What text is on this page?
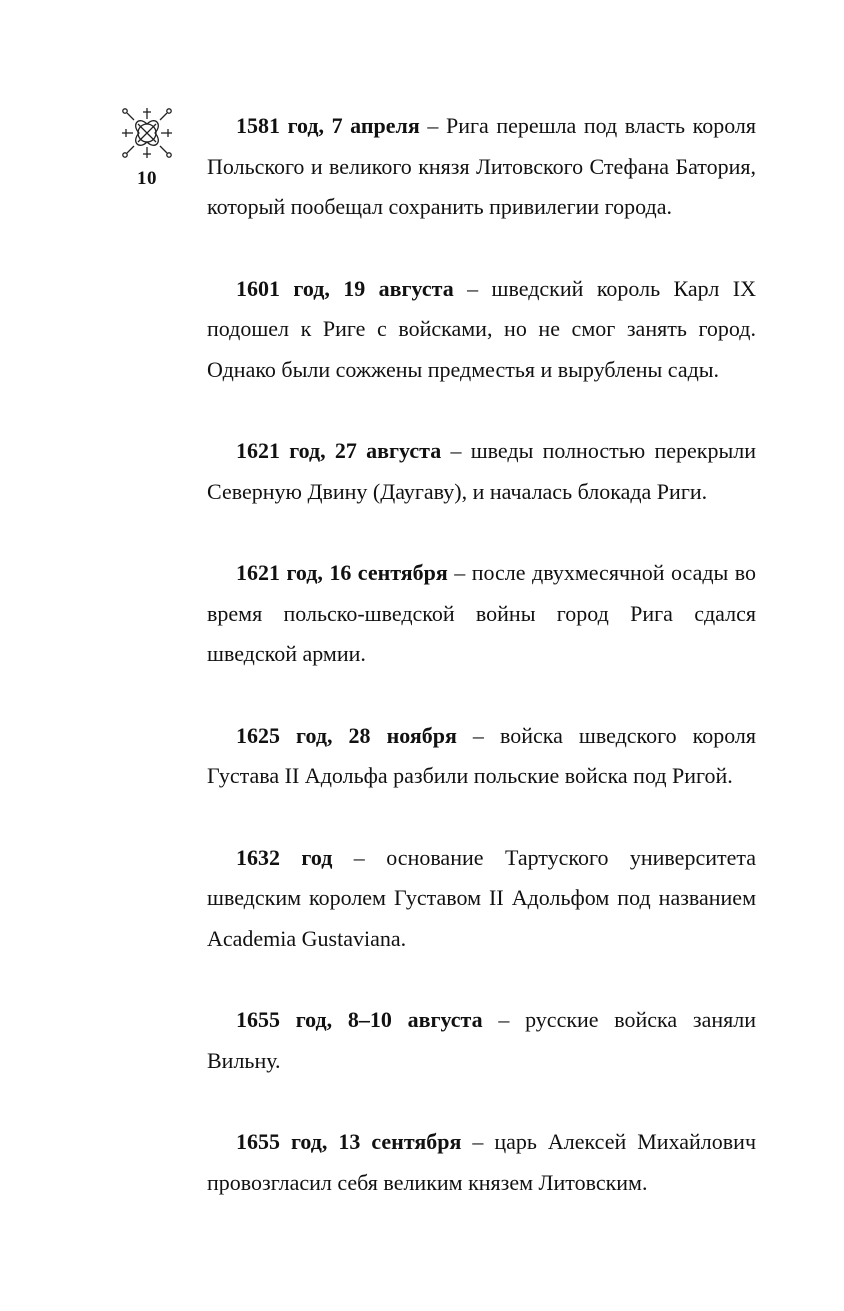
10

1581 год, 7 апреля – Рига перешла под власть короля Польского и великого князя Литовского Стефана Батория, который пообещал сохранить привилегии города.

1601 год, 19 августа – шведский король Карл IX подошел к Риге с войсками, но не смог занять город. Однако были сожжены предместья и вырублены сады.

1621 год, 27 августа – шведы полностью перекрыли Северную Двину (Даугаву), и началась блокада Риги.

1621 год, 16 сентября – после двухмесячной осады во время польско-шведской войны город Рига сдался шведской армии.

1625 год, 28 ноября – войска шведского короля Густава II Адольфа разбили польские войска под Ригой.

1632 год – основание Тартуского университета шведским королем Густавом II Адольфом под названием Academia Gustaviana.

1655 год, 8–10 августа – русские войска заняли Вильну.

1655 год, 13 сентября – царь Алексей Михайлович провозгласил себя великим князем Литовским.
